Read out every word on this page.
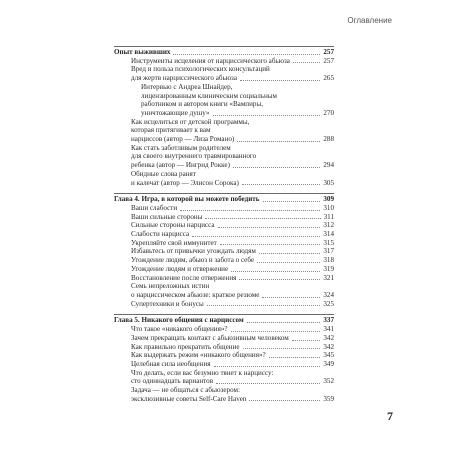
Оглавление
Опыт выживших	257
Инструменты исцеления от нарциссического абьюза	257
Вред и польза психологических консультаций
для жертв нарциссического абьюза	265
Интервью с Андреа Шнайдер,
лицензированным клиническим социальным
работником и автором книги «Вампиры,
уничтожающие душу»	270
Как исцелиться от детской программы,
которая притягивает к вам
нарциссов (автор — Лиза Романо)	288
Как стать заботливым родителем
для своего внутреннего травмированного
ребенка (автор — Ингрид Рокке)	294
Обидные слова ранят
и калечат (автор — Элисон Сорока)	305
Глава 4. Игра, в которой вы можете победить	309
Ваши слабости	310
Ваши сильные стороны	311
Сильные стороны нарцисса	312
Слабости нарцисса	314
Укрепляйте свой иммунитет	315
Избавьтесь от привычки угождать людям	317
Угождение людям, абьюз и забота о себе	318
Угождение людям и отвержение	319
Восстановление после отвержения	321
Семь непреложных истин
о нарциссическом абьюзе: краткое резюме	324
Супертехники и бонусы	325
Глава 5. Никакого общения с нарциссом	337
Что такое «никакого общения»?	341
Зачем прекращать контакт с абьюзивным человеком	342
Как правильно прекратить общение	342
Как выдержать режим «никакого общения»?	345
Целебная сила необщения	349
Что делать, если вас безумно тянет к нарциссу:
сто одиннадцать вариантов	352
Задача — не общаться с абьюзером:
эксклюзивные советы Self-Care Haven	359
7
